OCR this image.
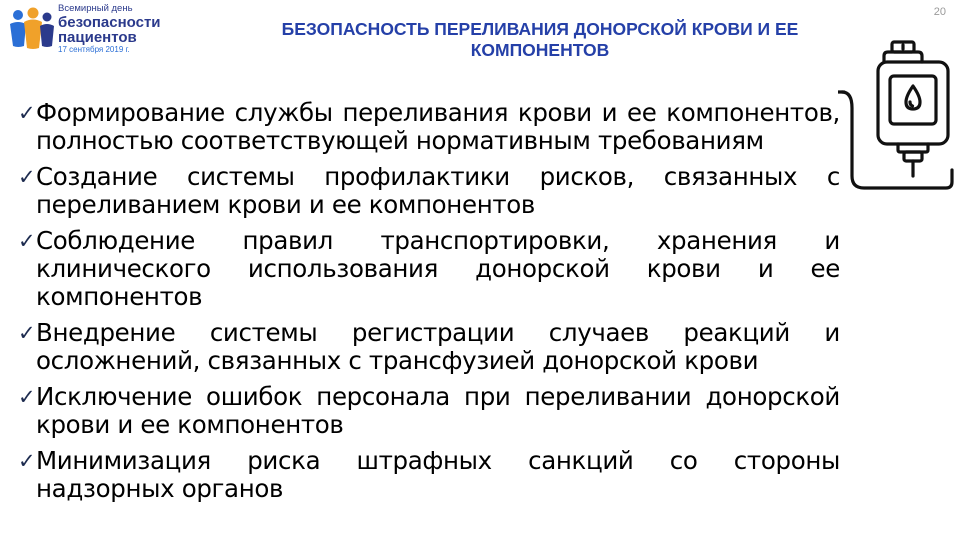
Всемирный день
безопасности
пациентов
17 сентября 2019 г.
БЕЗОПАСНОСТЬ ПЕРЕЛИВАНИЯ ДОНОРСКОЙ КРОВИ И ЕЕ
КОМПОНЕНТОВ
20
✓ Формирование службы переливания крови и ее компонентов, полностью соответствующей нормативным требованиям
✓ Создание системы профилактики рисков, связанных с переливанием крови и ее компонентов
✓ Соблюдение правил транспортировки, хранения и клинического использования донорской крови и ее компонентов
✓ Внедрение системы регистрации случаев реакций и осложнений, связанных с трансфузией донорской крови
✓ Исключение ошибок персонала при переливании донорской крови и ее компонентов
✓ Минимизация риска штрафных санкций со стороны надзорных органов
